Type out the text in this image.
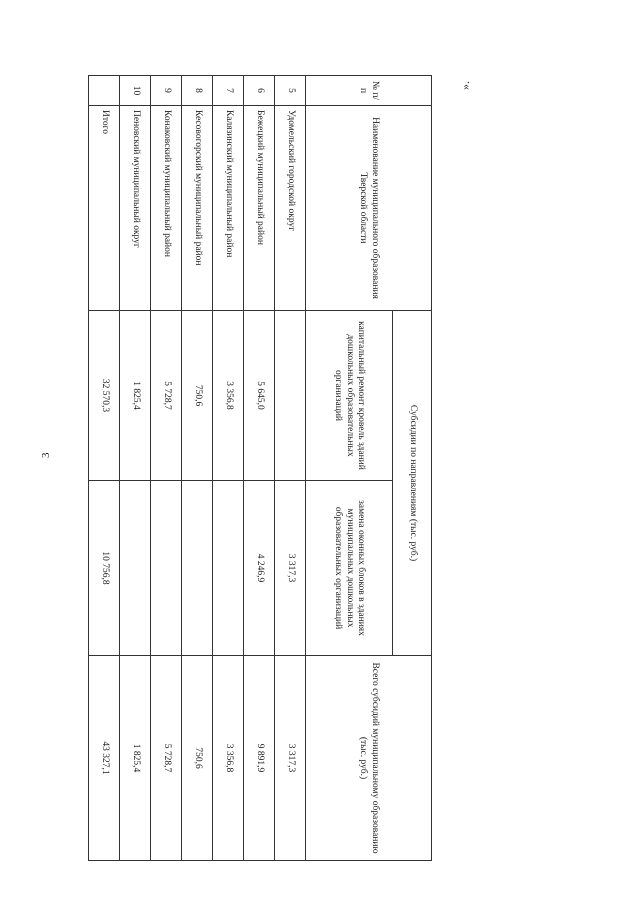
3
».
№ п/п	Наименование муниципального образования Тверской области	Субсидии по направлениям (тыс. руб.)		Всего субсидий муниципальному образованию (тыс. руб.)
		капитальный ремонт кровель зданий дошкольных образовательных организаций	замена оконных блоков в зданиях муниципальных дошкольных образовательных организаций	
5	Удомельский городской округ		3 317,3	3 317,3
6	Бежецкий муниципальный район	5 645,0	4 246,9	9 891,9
7	Калязинский муниципальный район	3 356,8		3 356,8
8	Кесовогорский муниципальный район	750,6		750,6
9	Конаковский муниципальный район	5 728,7		5 728,7
10	Пеновский муниципальный округ	1 825,4		1 825,4
	Итого	32 570,3	10 756,8	43 327,1
